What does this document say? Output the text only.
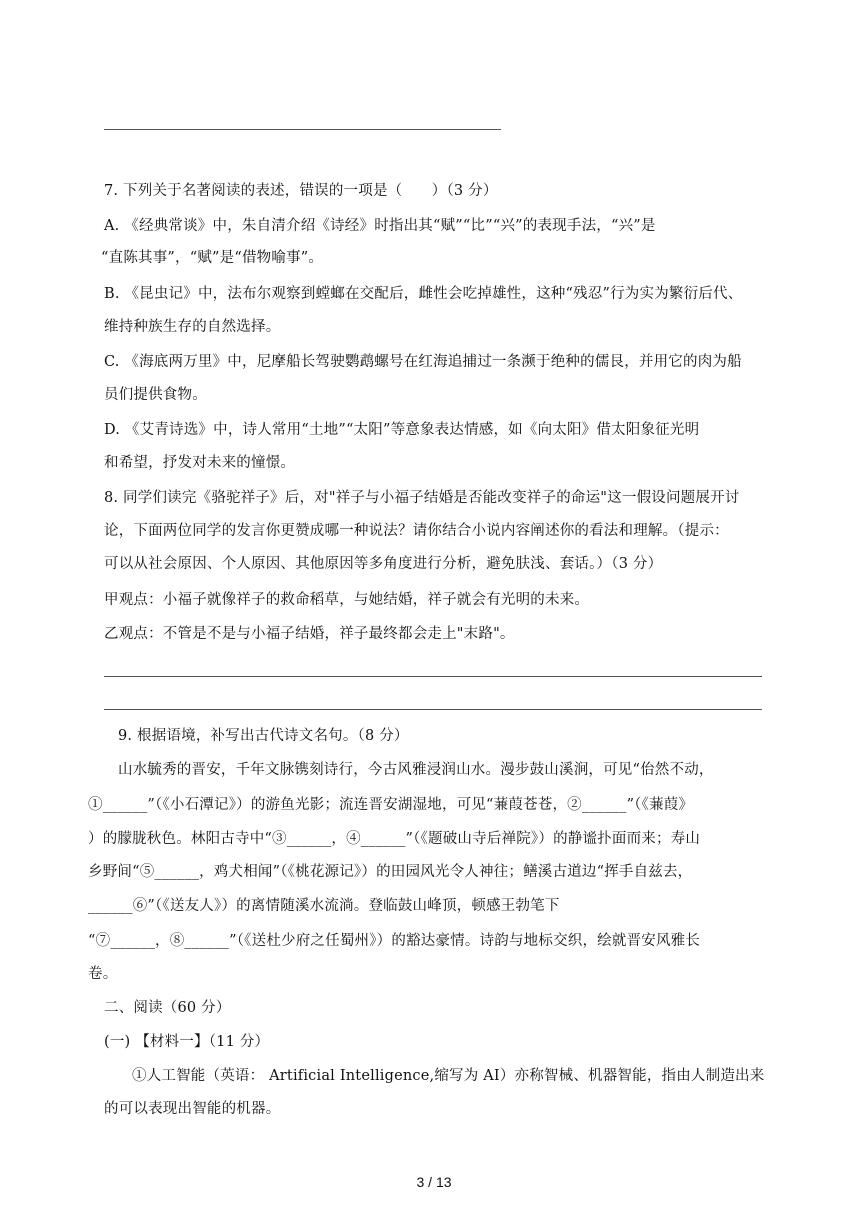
7. 下列关于名著阅读的表述，错误的一项是（　　）（3 分）
A. 《经典常谈》中，朱自清介绍《诗经》时指出其“赋”“比”“兴”的表现手法，“兴”是
“直陈其事”，“赋”是“借物喻事”。
B. 《昆虫记》中，法布尔观察到螳螂在交配后，雌性会吃掉雄性，这种“残忍”行为实为繁衍后代、
维持种族生存的自然选择。
C. 《海底两万里》中，尼摩船长驾驶鹦鹉螺号在红海追捕过一条濒于绝种的儒艮，并用它的肉为船
员们提供食物。
D. 《艾青诗选》中，诗人常用“土地”“太阳”等意象表达情感，如《向太阳》借太阳象征光明
和希望，抒发对未来的憧憬。
8. 同学们读完《骆驼祥子》后，对"祥子与小福子结婚是否能改变祥子的命运"这一假设问题展开讨
论，下面两位同学的发言你更赞成哪一种说法？请你结合小说内容阐述你的看法和理解。（提示：
可以从社会原因、个人原因、其他原因等多角度进行分析，避免肤浅、套话。）（3 分）
甲观点：小福子就像祥子的救命稻草，与她结婚，祥子就会有光明的未来。
乙观点：不管是不是与小福子结婚，祥子最终都会走上"末路"。
9. 根据语境，补写出古代诗文名句。（8 分）
山水毓秀的晋安，千年文脉镌刻诗行，今古风雅浸润山水。漫步鼓山溪涧，可见“佁然不动，
①______”（《小石潭记》）的游鱼光影；流连晋安湖湿地，可见“蒹葭苍苍，②______”（《蒹葭》
）的朦胧秋色。林阳古寺中“③______，④______”（《题破山寺后禅院》）的静谧扑面而来；寿山
乡野间“⑤______，鸡犬相闻”（《桃花源记》）的田园风光令人神往；鳝溪古道边“挥手自兹去，
______⑥”（《送友人》）的离情随溪水流淌。登临鼓山峰顶，顿感王勃笔下
“⑦______，⑧______”（《送杜少府之任蜀州》）的豁达豪情。诗韵与地标交织，绘就晋安风雅长
卷。
二、阅读（60 分）
(一) 【材料一】（11 分）
①人工智能（英语： Artificial Intelligence,缩写为 AI）亦称智械、机器智能，指由人制造出来
的可以表现出智能的机器。
3 / 13
